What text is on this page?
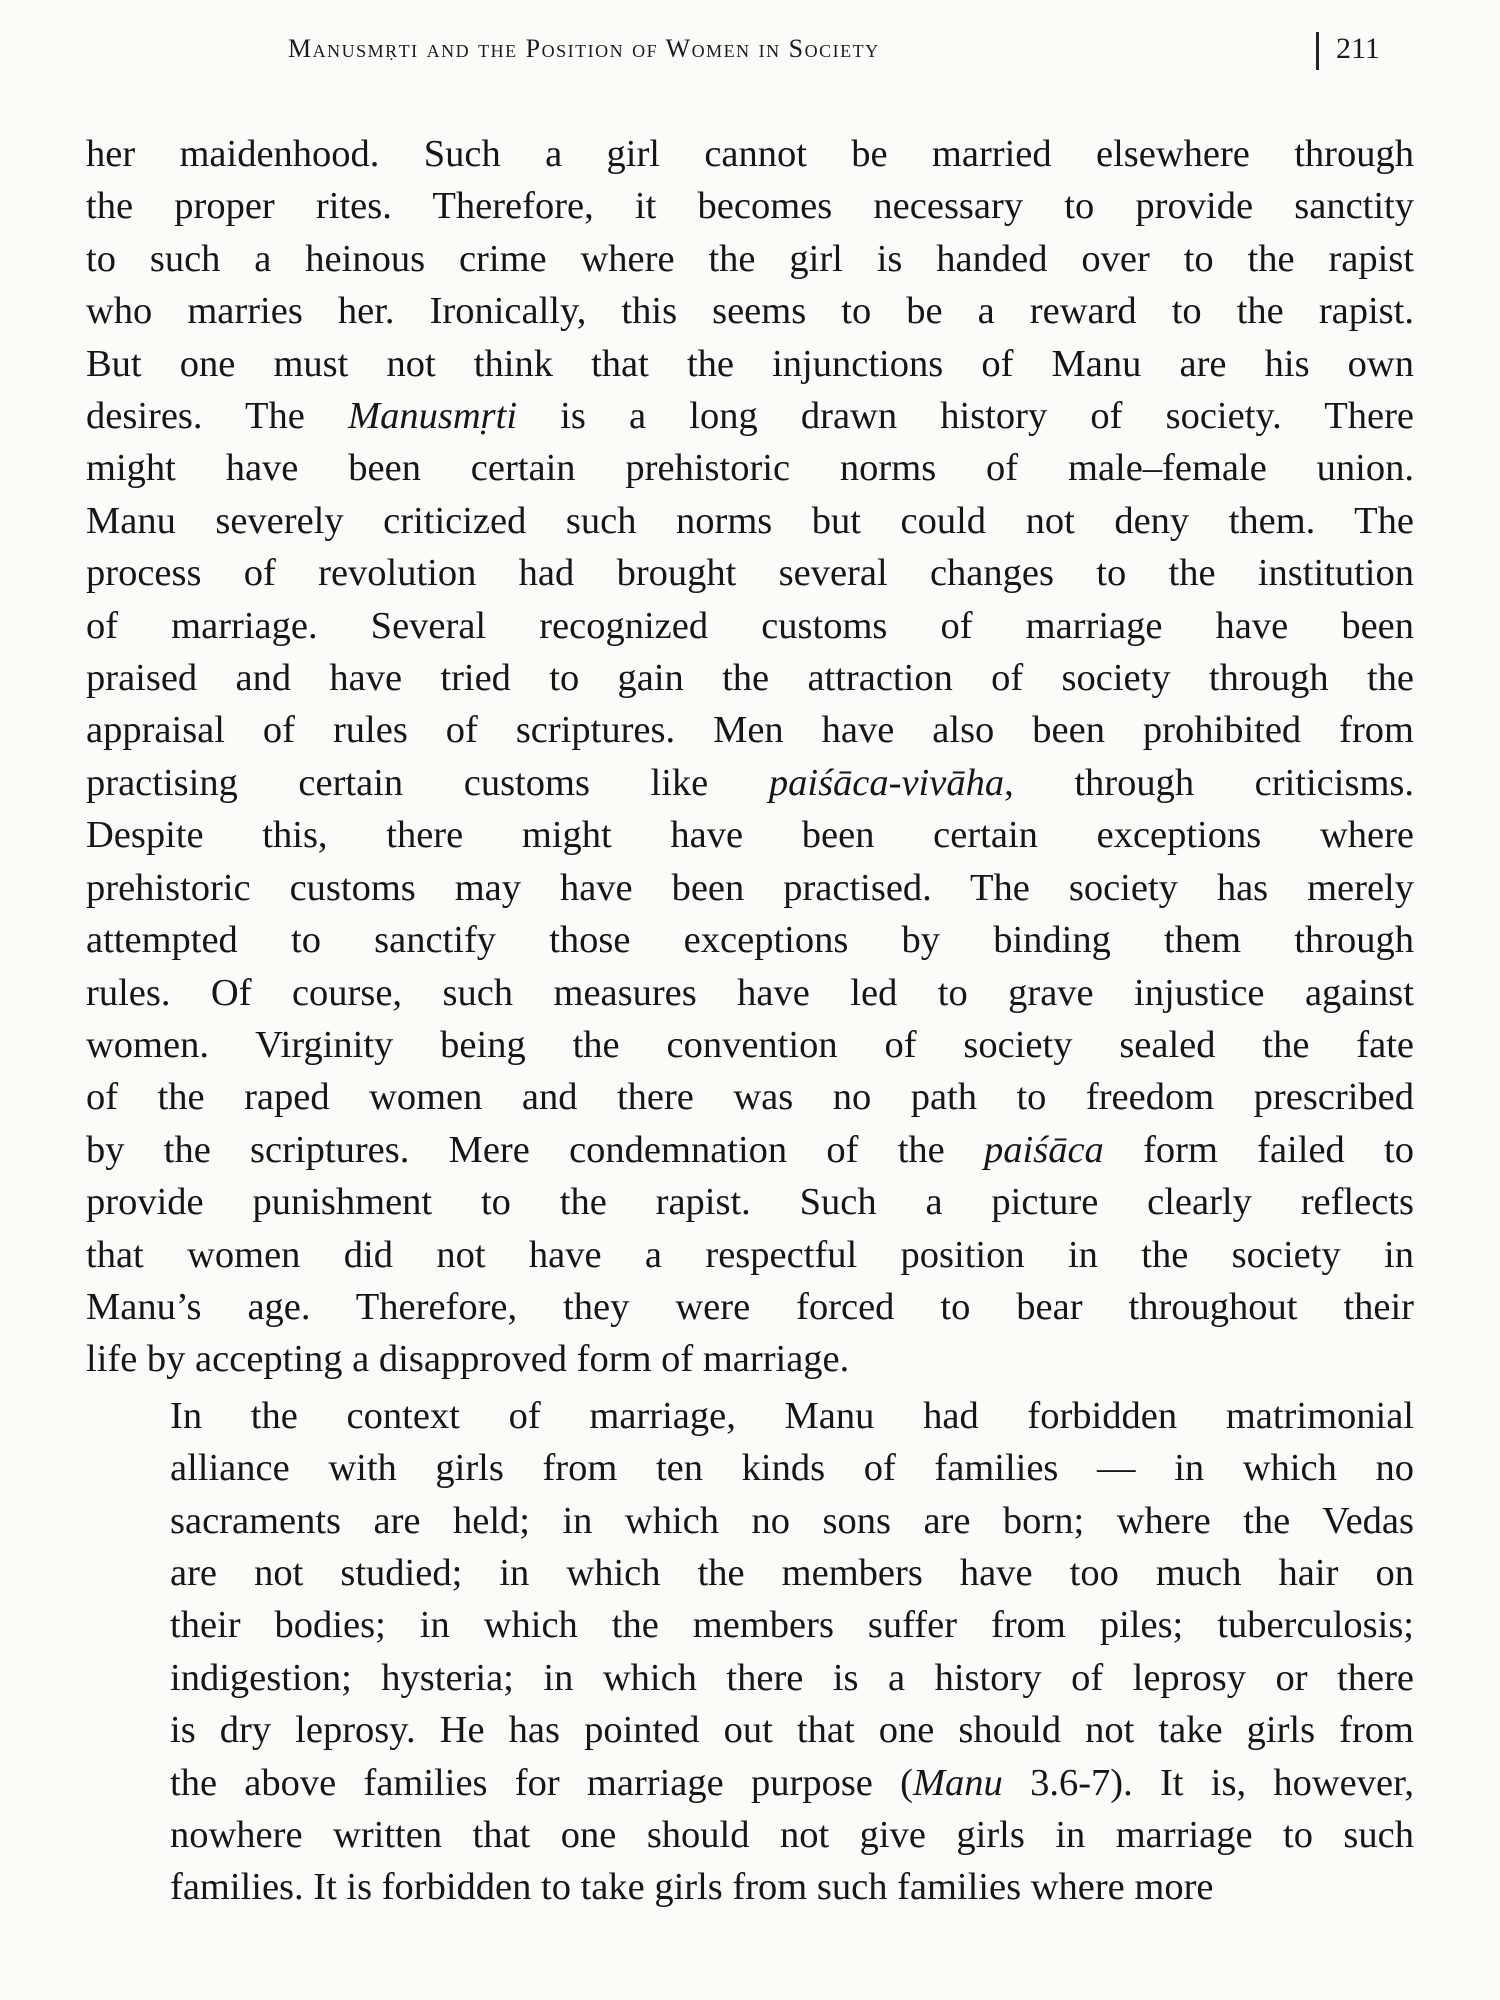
Manusmṛti and the Position of Women in Society	211

her maidenhood. Such a girl cannot be married elsewhere through
the proper rites. Therefore, it becomes necessary to provide sanctity
to such a heinous crime where the girl is handed over to the rapist
who marries her. Ironically, this seems to be a reward to the rapist.
But one must not think that the injunctions of Manu are his own
desires. The Manusmṛti is a long drawn history of society. There
might have been certain prehistoric norms of male–female union.
Manu severely criticized such norms but could not deny them. The
process of revolution had brought several changes to the institution
of marriage. Several recognized customs of marriage have been
praised and have tried to gain the attraction of society through the
appraisal of rules of scriptures. Men have also been prohibited from
practising certain customs like paiśāca-vivāha, through criticisms.
Despite this, there might have been certain exceptions where
prehistoric customs may have been practised. The society has merely
attempted to sanctify those exceptions by binding them through
rules. Of course, such measures have led to grave injustice against
women. Virginity being the convention of society sealed the fate
of the raped women and there was no path to freedom prescribed
by the scriptures. Mere condemnation of the paiśāca form failed to
provide punishment to the rapist. Such a picture clearly reflects
that women did not have a respectful position in the society in
Manu’s age. Therefore, they were forced to bear throughout their
life by accepting a disapproved form of marriage.

In the context of marriage, Manu had forbidden matrimonial
alliance with girls from ten kinds of families — in which no
sacraments are held; in which no sons are born; where the Vedas
are not studied; in which the members have too much hair on
their bodies; in which the members suffer from piles; tuberculosis;
indigestion; hysteria; in which there is a history of leprosy or there
is dry leprosy. He has pointed out that one should not take girls from
the above families for marriage purpose (Manu 3.6-7). It is, however,
nowhere written that one should not give girls in marriage to such
families. It is forbidden to take girls from such families where more
